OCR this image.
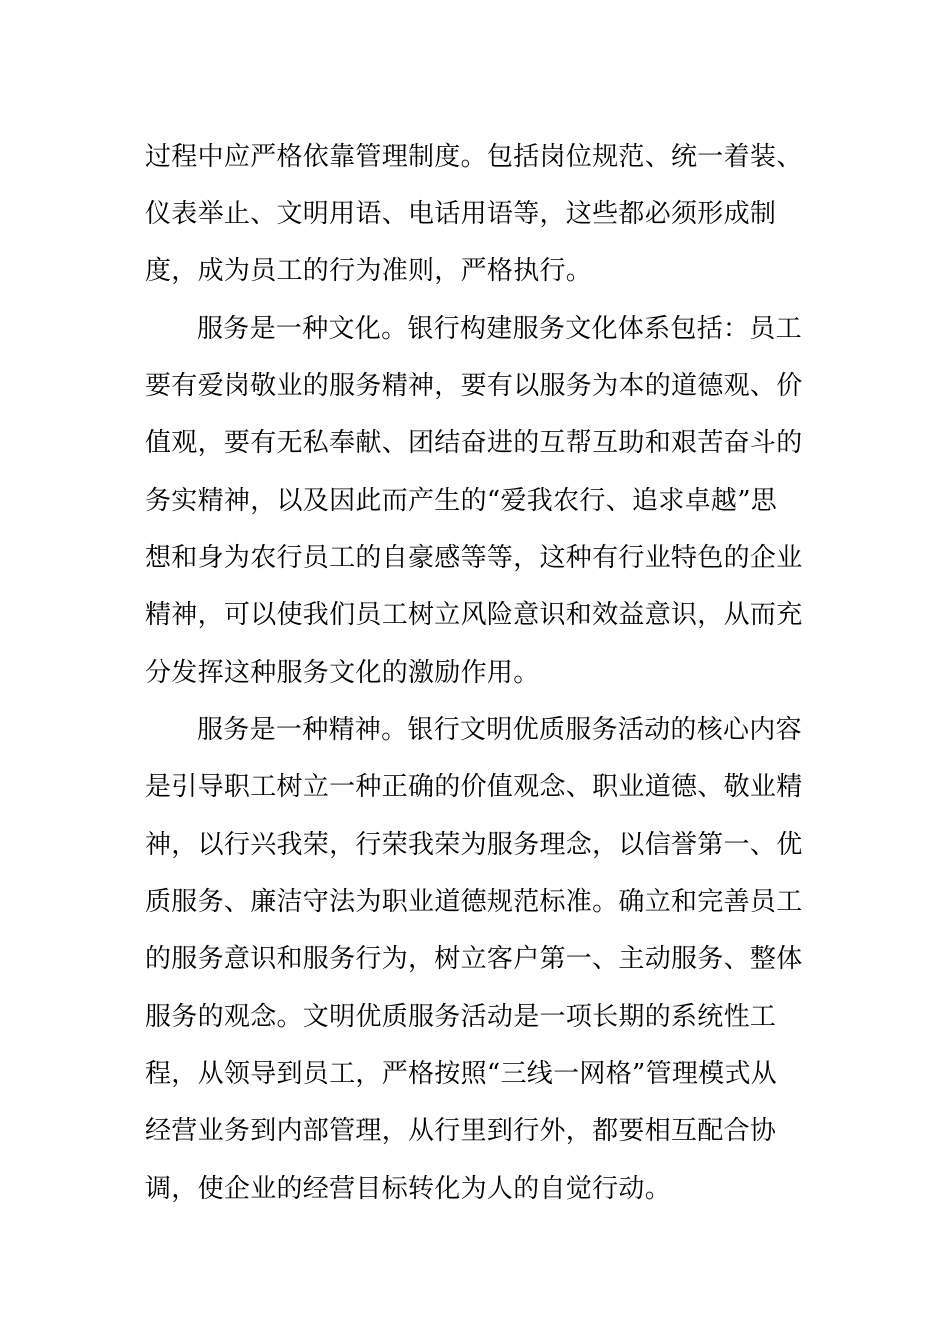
过程中应严格依靠管理制度。包括岗位规范、统一着装、
仪表举止、文明用语、电话用语等，这些都必须形成制
度，成为员工的行为准则，严格执行。
服务是一种文化。银行构建服务文化体系包括：员工
要有爱岗敬业的服务精神，要有以服务为本的道德观、价
值观，要有无私奉献、团结奋进的互帮互助和艰苦奋斗的
务实精神，以及因此而产生的“爱我农行、追求卓越”思
想和身为农行员工的自豪感等等，这种有行业特色的企业
精神，可以使我们员工树立风险意识和效益意识，从而充
分发挥这种服务文化的激励作用。
服务是一种精神。银行文明优质服务活动的核心内容
是引导职工树立一种正确的价值观念、职业道德、敬业精
神，以行兴我荣，行荣我荣为服务理念，以信誉第一、优
质服务、廉洁守法为职业道德规范标准。确立和完善员工
的服务意识和服务行为，树立客户第一、主动服务、整体
服务的观念。文明优质服务活动是一项长期的系统性工
程，从领导到员工，严格按照“三线一网格”管理模式从
经营业务到内部管理，从行里到行外，都要相互配合协
调，使企业的经营目标转化为人的自觉行动。
